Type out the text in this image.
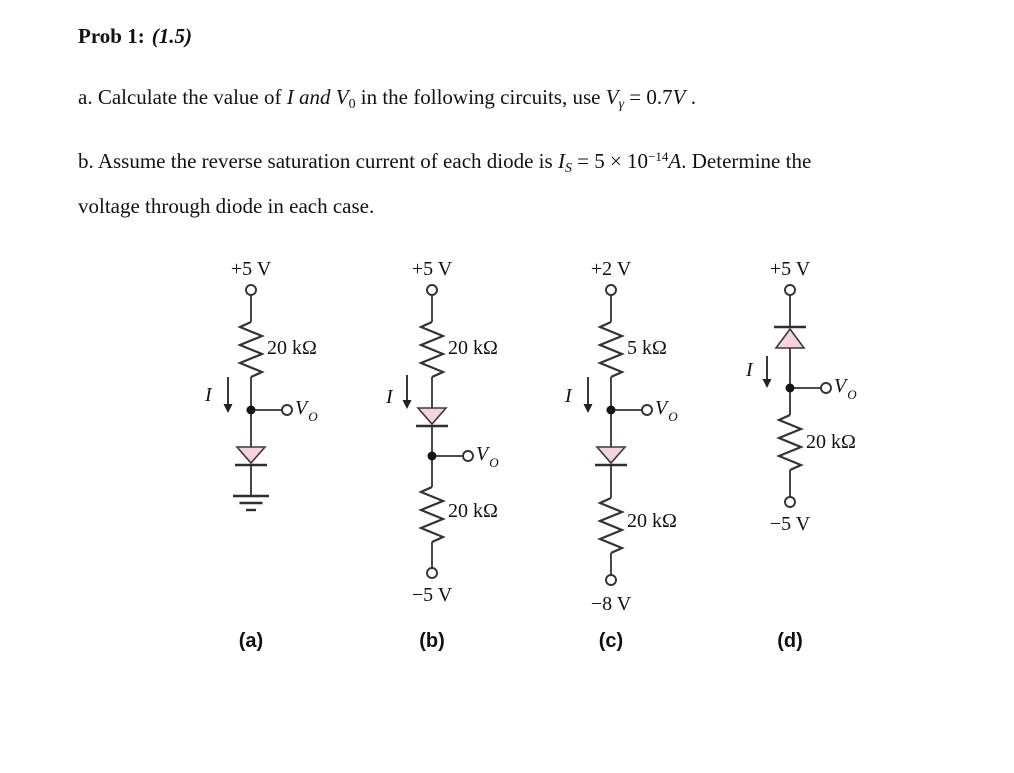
Prob 1: (1.5)
a. Calculate the value of I and V0 in the following circuits, use Vγ = 0.7V .
b. Assume the reverse saturation current of each diode is IS = $5 \times 10^{-14}A$. Determine the
voltage through diode in each case.
+5 V
20 kΩ
I
V O
(a)
+5 V
20 kΩ
I
V O
20 kΩ
−5 V
(b)
+2 V
5 kΩ
I
V O
20 kΩ
−8 V
(c)
+5 V
I
V O
20 kΩ
−5 V
(d)
